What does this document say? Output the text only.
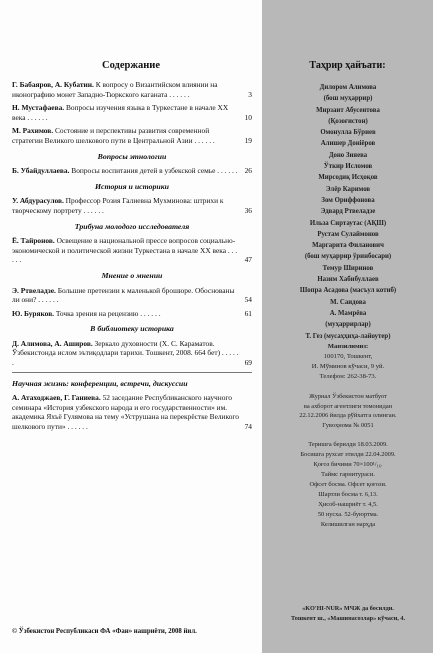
Содержание
Г. Бабаяров, А. Кубатин. К вопросу о Византийском влиянии на иконографию монет Западно-Тюркского каганата . . . . . .	3
Н. Мустафаева. Вопросы изучения языка в Туркестане в начале ХХ века . . . . . .	10
М. Рахимов. Состояние и перспективы развития современной стратегии Великого шелкового пути в Центральной Азии . . . . . .	19
Вопросы этнологии
Б. Убайдуллаева. Вопросы воспитания детей в узбекской семье . . . . . . 26
История и историки
У. Абдурасулов. Профессор Розия Галиевна Мухминова: штрихи к творческому портрету . . . . . .	36
Трибуна молодого исследователя
Ё. Тайронов. Освещение в национальной прессе вопросов социально-экономической и политической жизни Туркестана в начале ХХ века . . . . . .	47
Мнение о мнении
Э. Ртвеладзе. Большие претензии к маленькой брошюре. Обоснованы ли они? . . . . . .	54
Ю. Буряков. Точка зрения на рецензию . . . . . .	61
В библиотеку историка
Д. Алимова, А. Аширов. Зеркало духовности (Х. С. Караматов. Ўзбекистонда ислом эътиқодлари тарихи. Тошкент, 2008. 664 бет) . . . . . .	69
Научная жизнь: конференции, встречи, дискуссии
А. Атаходжаев, Г. Ганиева. 52 заседание Республиканского научного семинара «История узбекского народа и его государственности» им. академика Яхъё Гулямова на тему «Уструшана на перекрёстке Великого шелкового пути» . . . . . .	74
© Ўзбекистон Республикаси ФА «Фан» нашриёти, 2008 йил.
Таҳрир ҳайъати:
Дилором Алимова
(бош муҳаррир)
Мирзаит Абусеитова
(Қозоғистон)
Омонулла Бўриев
Алишер Доніёров
Доно Зияева
Ўткир Исломов
Мирсодиқ Исҳоқов
Элёр Каримов
Зом Ориффонова
Эдвард Ртвеладзе
Ильза Сиртаутас (АҚШ)
Рустам Сулаймонов
Маргарита Филанович
(бош муҳаррир ўринбосари)
Темур Ширинов
Назим Хабибуллаев
Шопра Асадова (масъул котиб)
М. Саидова
А. Мамрёва
(муҳаррирлар)
Т. Гез (мусаҳҳиҳа-лайоутер)
Манзилимиз:
100170, Тошкент,
И. Мўминов кўчаси, 9 уй.
Телефон: 262-38-73.
Журнал Ўзбекистон матбуот
ва ахборот агентлиги томонидан
22.12.2006 йилда рўйхатга олинган.
Гувоҳнома № 0051
Теришга берилди 18.03.2009.
Босишга рухсат этилди 22.04.2009.
Қоғоз бичими 70×100¹/₁₆.
Таймс гарнитураси.
Офсет босма. Офсет қоғози.
Шартли босма т. 6,13.
Ҳисоб-нашриёт т. 4,5.
50 нусха. 52-буюртма.
Келишилган нарҳда
«KO'HI-NUR» МЧЖ да босилди.
Тошкент ш., «Машинасозлар» кўчаси, 4.
